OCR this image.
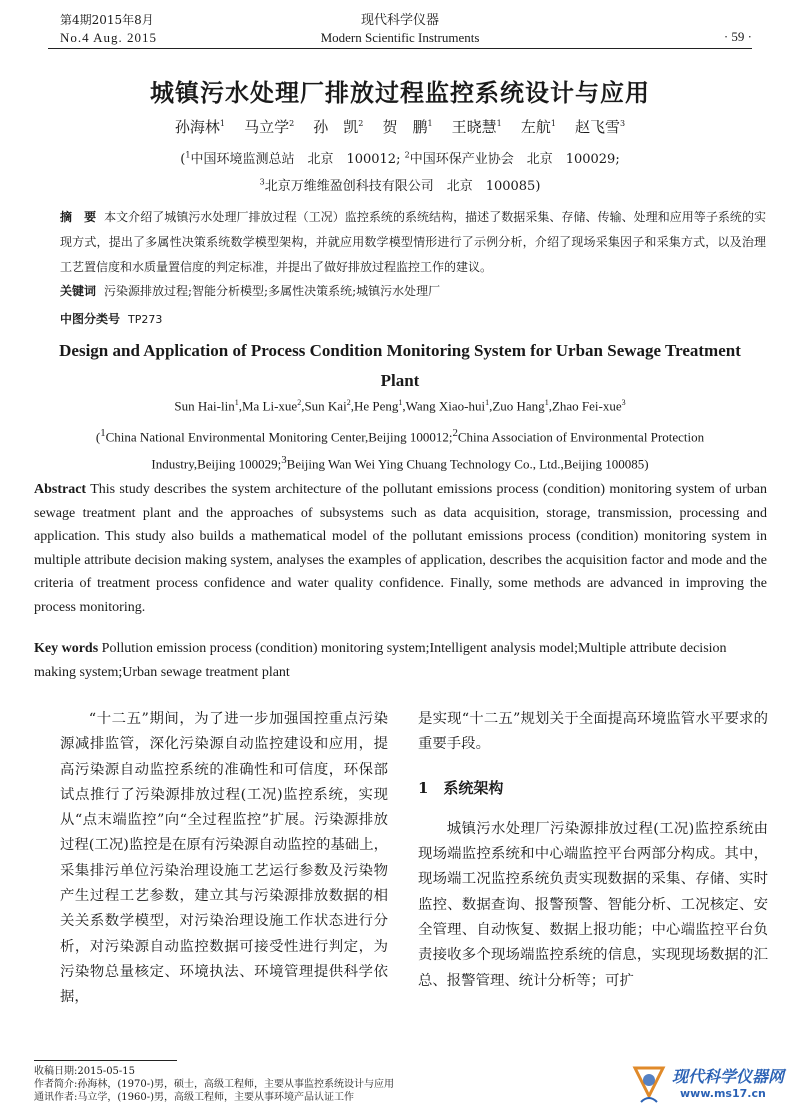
第4期2015年8月
No.4 Aug. 2015
现代科学仪器
Modern Scientific Instruments	· 59 ·
城镇污水处理厂排放过程监控系统设计与应用
孙海林$^1$ 马立学$^2$ 孙　凯$^2$ 贺　鹏$^1$ 王晓慧$^1$ 左航$^1$ 赵飞雪$^3$
($^1$中国环境监测总站　北京　100012; $^2$中国环保产业协会　北京　100029;
$^3$北京万维维盈创科技有限公司　北京　100085)
摘　要 本文介绍了城镇污水处理厂排放过程（工况）监控系统的系统结构，描述了数据采集、存储、传输、处理和应用等子系统的实现方式，提出了多属性决策系统数学模型架构，并就应用数学模型情形进行了示例分析，介绍了现场采集因子和采集方式，以及治理工艺置信度和水质量置信度的判定标准，并提出了做好排放过程监控工作的建议。
关键词 污染源排放过程;智能分析模型;多属性决策系统;城镇污水处理厂
中图分类号 TP273
Design and Application of Process Condition Monitoring System for Urban Sewage Treatment Plant
Sun Hai-lin$^1$,Ma Li-xue$^2$,Sun Kai$^2$,He Peng$^1$,Wang Xiao-hui$^1$,Zuo Hang$^1$,Zhao Fei-xue$^3$
($^1$China National Environmental Monitoring Center,Beijing 100012;$^2$China Association of Environmental Protection
Industry,Beijing 100029;$^3$Beijing Wan Wei Ying Chuang Technology Co., Ltd.,Beijing 100085)
Abstract This study describes the system architecture of the pollutant emissions process (condition) monitoring system of urban sewage treatment plant and the approaches of subsystems such as data acquisition, storage, transmission, processing and application. This study also builds a mathematical model of the pollutant emissions process (condition) monitoring system in multiple attribute decision making system, analyses the examples of application, describes the acquisition factor and mode and the criteria of treatment process confidence and water quality confidence. Finally, some methods are advanced in improving the process monitoring.
Key words Pollution emission process (condition) monitoring system;Intelligent analysis model;Multiple attribute decision making system;Urban sewage treatment plant
“十二五”期间，为了进一步加强国控重点污染源减排监管，深化污染源自动监控建设和应用，提高污染源自动监控系统的准确性和可信度，环保部试点推行了污染源排放过程(工况)监控系统，实现从“点末端监控”向“全过程监控”扩展。污染源排放过程(工况)监控是在原有污染源自动监控的基础上，采集排污单位污染治理设施工艺运行参数及污染物产生过程工艺参数，建立其与污染源排放数据的相关关系数学模型，对污染治理设施工作状态进行分析，对污染源自动监控数据可接受性进行判定，为污染物总量核定、环境执法、环境管理提供科学依据，
是实现“十二五”规划关于全面提高环境监管水平要求的重要手段。
1　系统架构
城镇污水处理厂污染源排放过程(工况)监控系统由现场端监控系统和中心端监控平台两部分构成。其中，现场端工况监控系统负责实现数据的采集、存储、实时监控、数据查询、报警预警、智能分析、工况核定、安全管理、自动恢复、数据上报功能；中心端监控平台负责接收多个现场端监控系统的信息，实现现场数据的汇总、报警管理、统计分析等；可扩
收稿日期:2015-05-15
作者简介:孙海林，(1970-)男，硕士，高级工程师，主要从事监控系统设计与应用
通讯作者:马立学，(1960-)男，高级工程师，主要从事环境产品认证工作
现代科学仪器网
www.ms17.cn
